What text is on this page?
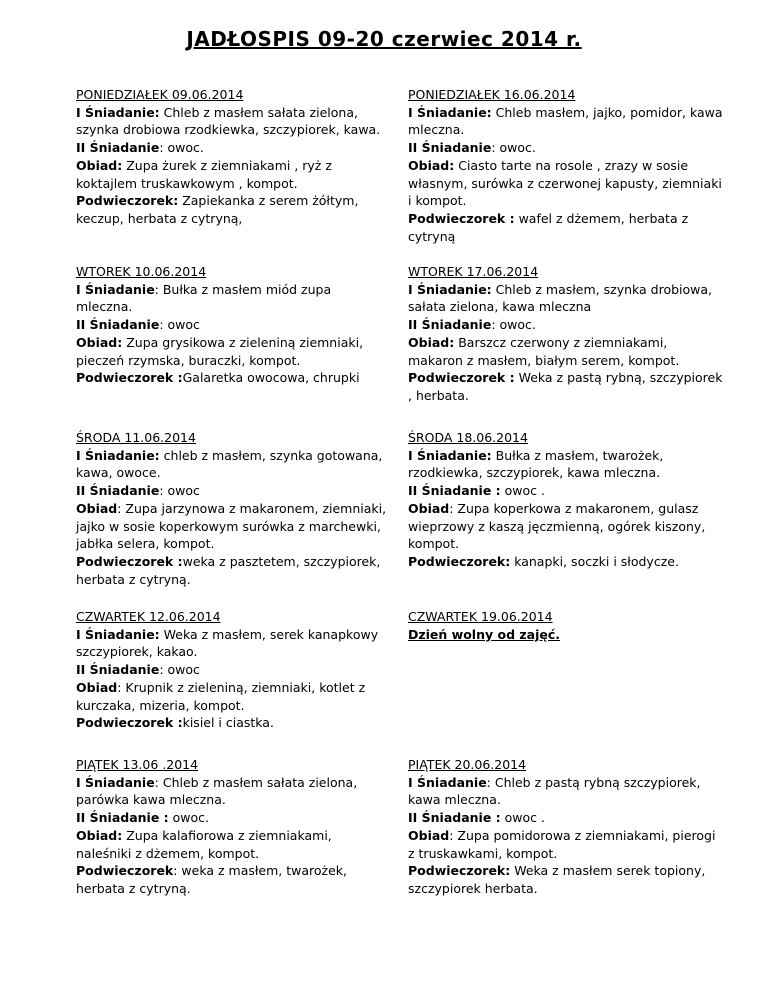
JADŁOSPIS 09-20 czerwiec 2014 r.
PONIEDZIAŁEK 09.06.2014
I Śniadanie: Chleb z masłem sałata zielona, szynka drobiowa rzodkiewka, szczypiorek, kawa.
II Śniadanie: owoc.
Obiad: Zupa żurek z ziemniakami , ryż z koktajlem truskawkowym , kompot.
Podwieczorek: Zapiekanka z serem żółtym, keczup, herbata z cytryną,
WTOREK 10.06.2014
I Śniadanie: Bułka z masłem miód zupa mleczna.
II Śniadanie: owoc
Obiad: Zupa grysikowa z zieleniną ziemniaki, pieczeń rzymska, buraczki, kompot.
Podwieczorek :Galaretka owocowa, chrupki
ŚRODA 11.06.2014
I Śniadanie: chleb z masłem, szynka gotowana, kawa, owoce.
II Śniadanie: owoc
Obiad: Zupa jarzynowa z makaronem, ziemniaki, jajko w sosie koperkowym surówka z marchewki, jabłka selera, kompot.
Podwieczorek :weka z pasztetem, szczypiorek, herbata z cytryną.
CZWARTEK 12.06.2014
I Śniadanie: Weka z masłem, serek kanapkowy szczypiorek, kakao.
II Śniadanie: owoc
Obiad: Krupnik z zieleniną, ziemniaki, kotlet z kurczaka, mizeria, kompot.
Podwieczorek :kisiel i ciastka.
PIĄTEK 13.06 .2014
I Śniadanie: Chleb z masłem sałata zielona, parówka kawa mleczna.
II Śniadanie : owoc.
Obiad: Zupa kalafiorowa z ziemniakami, naleśniki z dżemem, kompot.
Podwieczorek: weka z masłem, twarożek, herbata z cytryną.
PONIEDZIAŁEK 16.06.2014
I Śniadanie: Chleb masłem, jajko, pomidor, kawa mleczna.
II Śniadanie: owoc.
Obiad: Ciasto tarte na rosole , zrazy w sosie własnym, surówka z czerwonej kapusty, ziemniaki i kompot.
Podwieczorek : wafel z dżemem, herbata z cytryną
WTOREK 17.06.2014
I Śniadanie: Chleb z masłem, szynka drobiowa, sałata zielona, kawa mleczna
II Śniadanie: owoc.
Obiad: Barszcz czerwony z ziemniakami, makaron z masłem, białym serem, kompot.
Podwieczorek : Weka z pastą rybną, szczypiorek , herbata.
ŚRODA 18.06.2014
I Śniadanie: Bułka z masłem, twarożek, rzodkiewka, szczypiorek, kawa mleczna.
II Śniadanie : owoc .
Obiad: Zupa koperkowa z makaronem, gulasz wieprzowy z kaszą jęczmienną, ogórek kiszony, kompot.
Podwieczorek: kanapki, soczki i słodycze.
CZWARTEK 19.06.2014
Dzień wolny od zajęć.
PIĄTEK 20.06.2014
I Śniadanie: Chleb z pastą rybną szczypiorek, kawa mleczna.
II Śniadanie : owoc .
Obiad: Zupa pomidorowa z ziemniakami, pierogi z truskawkami, kompot.
Podwieczorek: Weka z masłem serek topiony, szczypiorek herbata.
